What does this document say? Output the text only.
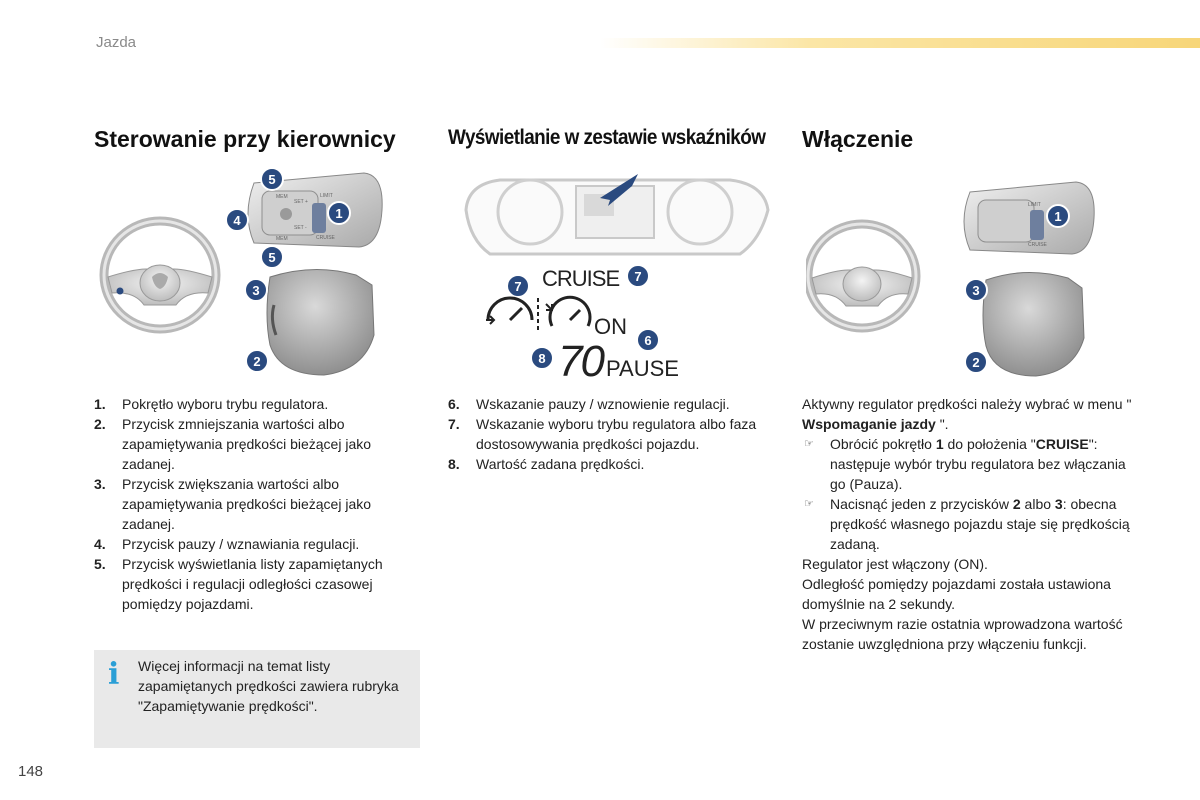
Jazda
Sterowanie przy kierownicy Wyświetlanie w zestawie wskaźników Włączenie
MEM
SET +
SET -
MEM
LIMIT
CRUISE
5
4	1
5
3
2
CRUISE 7
7
ON
6
8 70 PAUSE
LIMIT
CRUISE
1
3
2
1. Pokrętło wyboru trybu regulatora.
2. Przycisk zmniejszania wartości albo zapamiętywania prędkości bieżącej jako zadanej.
3. Przycisk zwiększania wartości albo zapamiętywania prędkości bieżącej jako zadanej.
4. Przycisk pauzy / wznawiania regulacji.
5. Przycisk wyświetlania listy zapamiętanych prędkości i regulacji odległości czasowej pomiędzy pojazdami.
6. Wskazanie pauzy / wznowienie regulacji.
7. Wskazanie wyboru trybu regulatora albo faza dostosowywania prędkości pojazdu.
8. Wartość zadana prędkości.

Aktywny regulator prędkości należy wybrać w menu " Wspomaganie jazdy ".

☞ Obrócić pokrętło 1 do położenia "CRUISE": następuje wybór trybu regulatora bez włączania go (Pauza).

☞ Nacisnąć jeden z przycisków 2 albo 3: obecna prędkość własnego pojazdu staje się prędkością zadaną.

Regulator jest włączony (ON).

Odległość pomiędzy pojazdami została ustawiona domyślnie na 2 sekundy.

W przeciwnym razie ostatnia wprowadzona wartość zostanie uwzględniona przy włączeniu funkcji.

i	Więcej informacji na temat listy zapamiętanych prędkości zawiera rubryka "Zapamiętywanie prędkości".
148
